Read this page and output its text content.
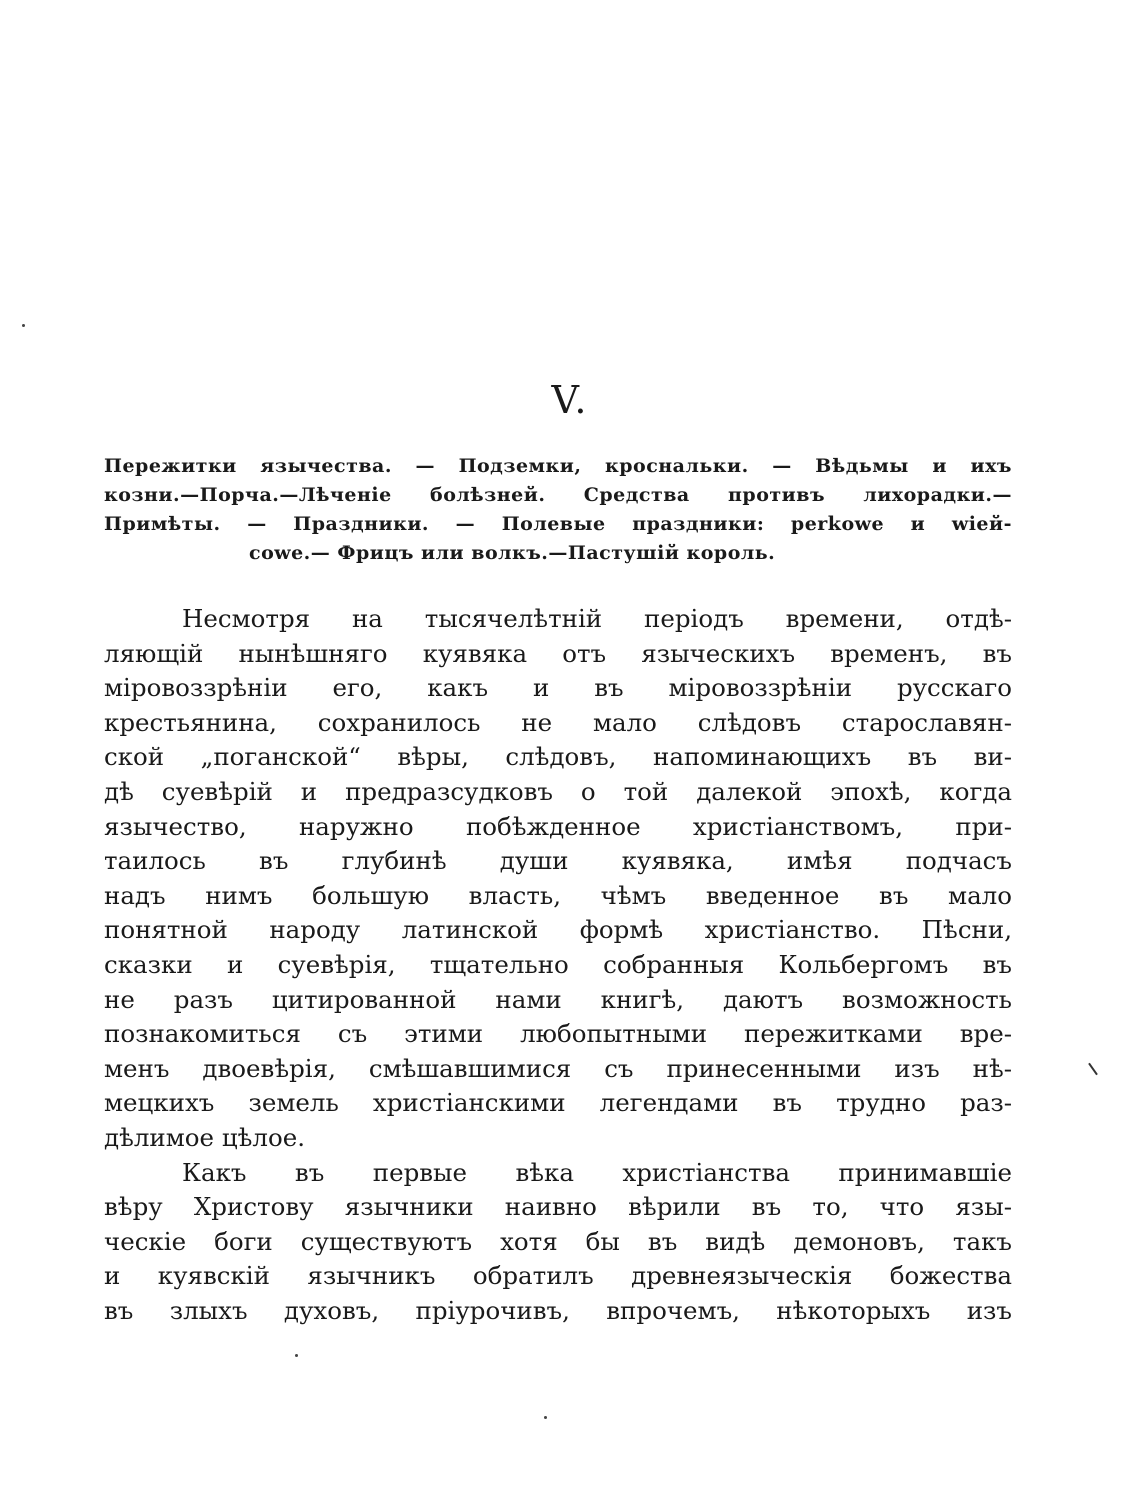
V.
Пережитки язычества. — Подземки, кроснальки. — Вѣдьмы и ихъ
козни.—Порча.—Лѣченіе болѣзней. Средства противъ лихорадки.—
Примѣты. — Праздники. — Полевые праздники: perkowe и wieй-
cowe.— Фрицъ или волкъ.—Пастушій король.
Несмотря на тысячелѣтній періодъ времени, отдѣ-
ляющій нынѣшняго куявяка отъ языческихъ временъ, въ
міровоззрѣніи его, какъ и въ міровоззрѣніи русскаго
крестьянина, сохранилось не мало слѣдовъ старославян-
ской „поганской“ вѣры, слѣдовъ, напоминающихъ въ ви-
дѣ суевѣрій и предразсудковъ о той далекой эпохѣ, когда
язычество, наружно побѣжденное христіанствомъ, при-
таилось въ глубинѣ души куявяка, имѣя подчасъ
надъ нимъ большую власть, чѣмъ введенное въ мало
понятной народу латинской формѣ христіанство. Пѣсни,
сказки и суевѣрія, тщательно собранныя Кольбергомъ въ
не разъ цитированной нами книгѣ, даютъ возможность
познакомиться съ этими любопытными пережитками вре-
менъ двоевѣрія, смѣшавшимися съ принесенными изъ нѣ-
мецкихъ земель христіанскими легендами въ трудно раз-
дѣлимое цѣлое.
Какъ въ первые вѣка христіанства принимавшіе
вѣру Христову язычники наивно вѣрили въ то, что язы-
ческіе боги существуютъ хотя бы въ видѣ демоновъ, такъ
и куявскій язычникъ обратилъ древнеязыческія божества
въ злыхъ духовъ, пріурочивъ, впрочемъ, нѣкоторыхъ изъ
